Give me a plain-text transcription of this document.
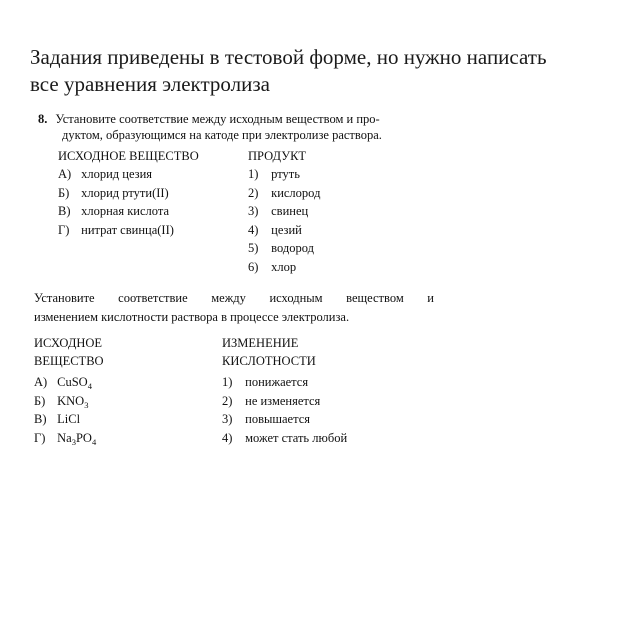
Задания приведены в тестовой форме, но нужно написать
все уравнения электролиза
8. Установите соответствие между исходным веществом и про-
дуктом, образующимся на катоде при электролизе раствора.
ИСХОДНОЕ ВЕЩЕСТВО
А) хлорид цезия
Б) хлорид ртути(II)
В) хлорная кислота
Г) нитрат свинца(II)
ПРОДУКТ
1) ртуть
2) кислород
3) свинец
4) цезий
5) водород
6) хлор
Установите соответствие между исходным веществом и
изменением кислотности раствора в процессе электролиза.
ИСХОДНОЕ
ВЕЩЕСТВО
А) CuSO$_4$
Б) $KNO_3$
В) LiCl
Г) $Na_3PO_4$
ИЗМЕНЕНИЕ
КИСЛОТНОСТИ
1) понижается
2) не изменяется
3) повышается
4) может стать любой
